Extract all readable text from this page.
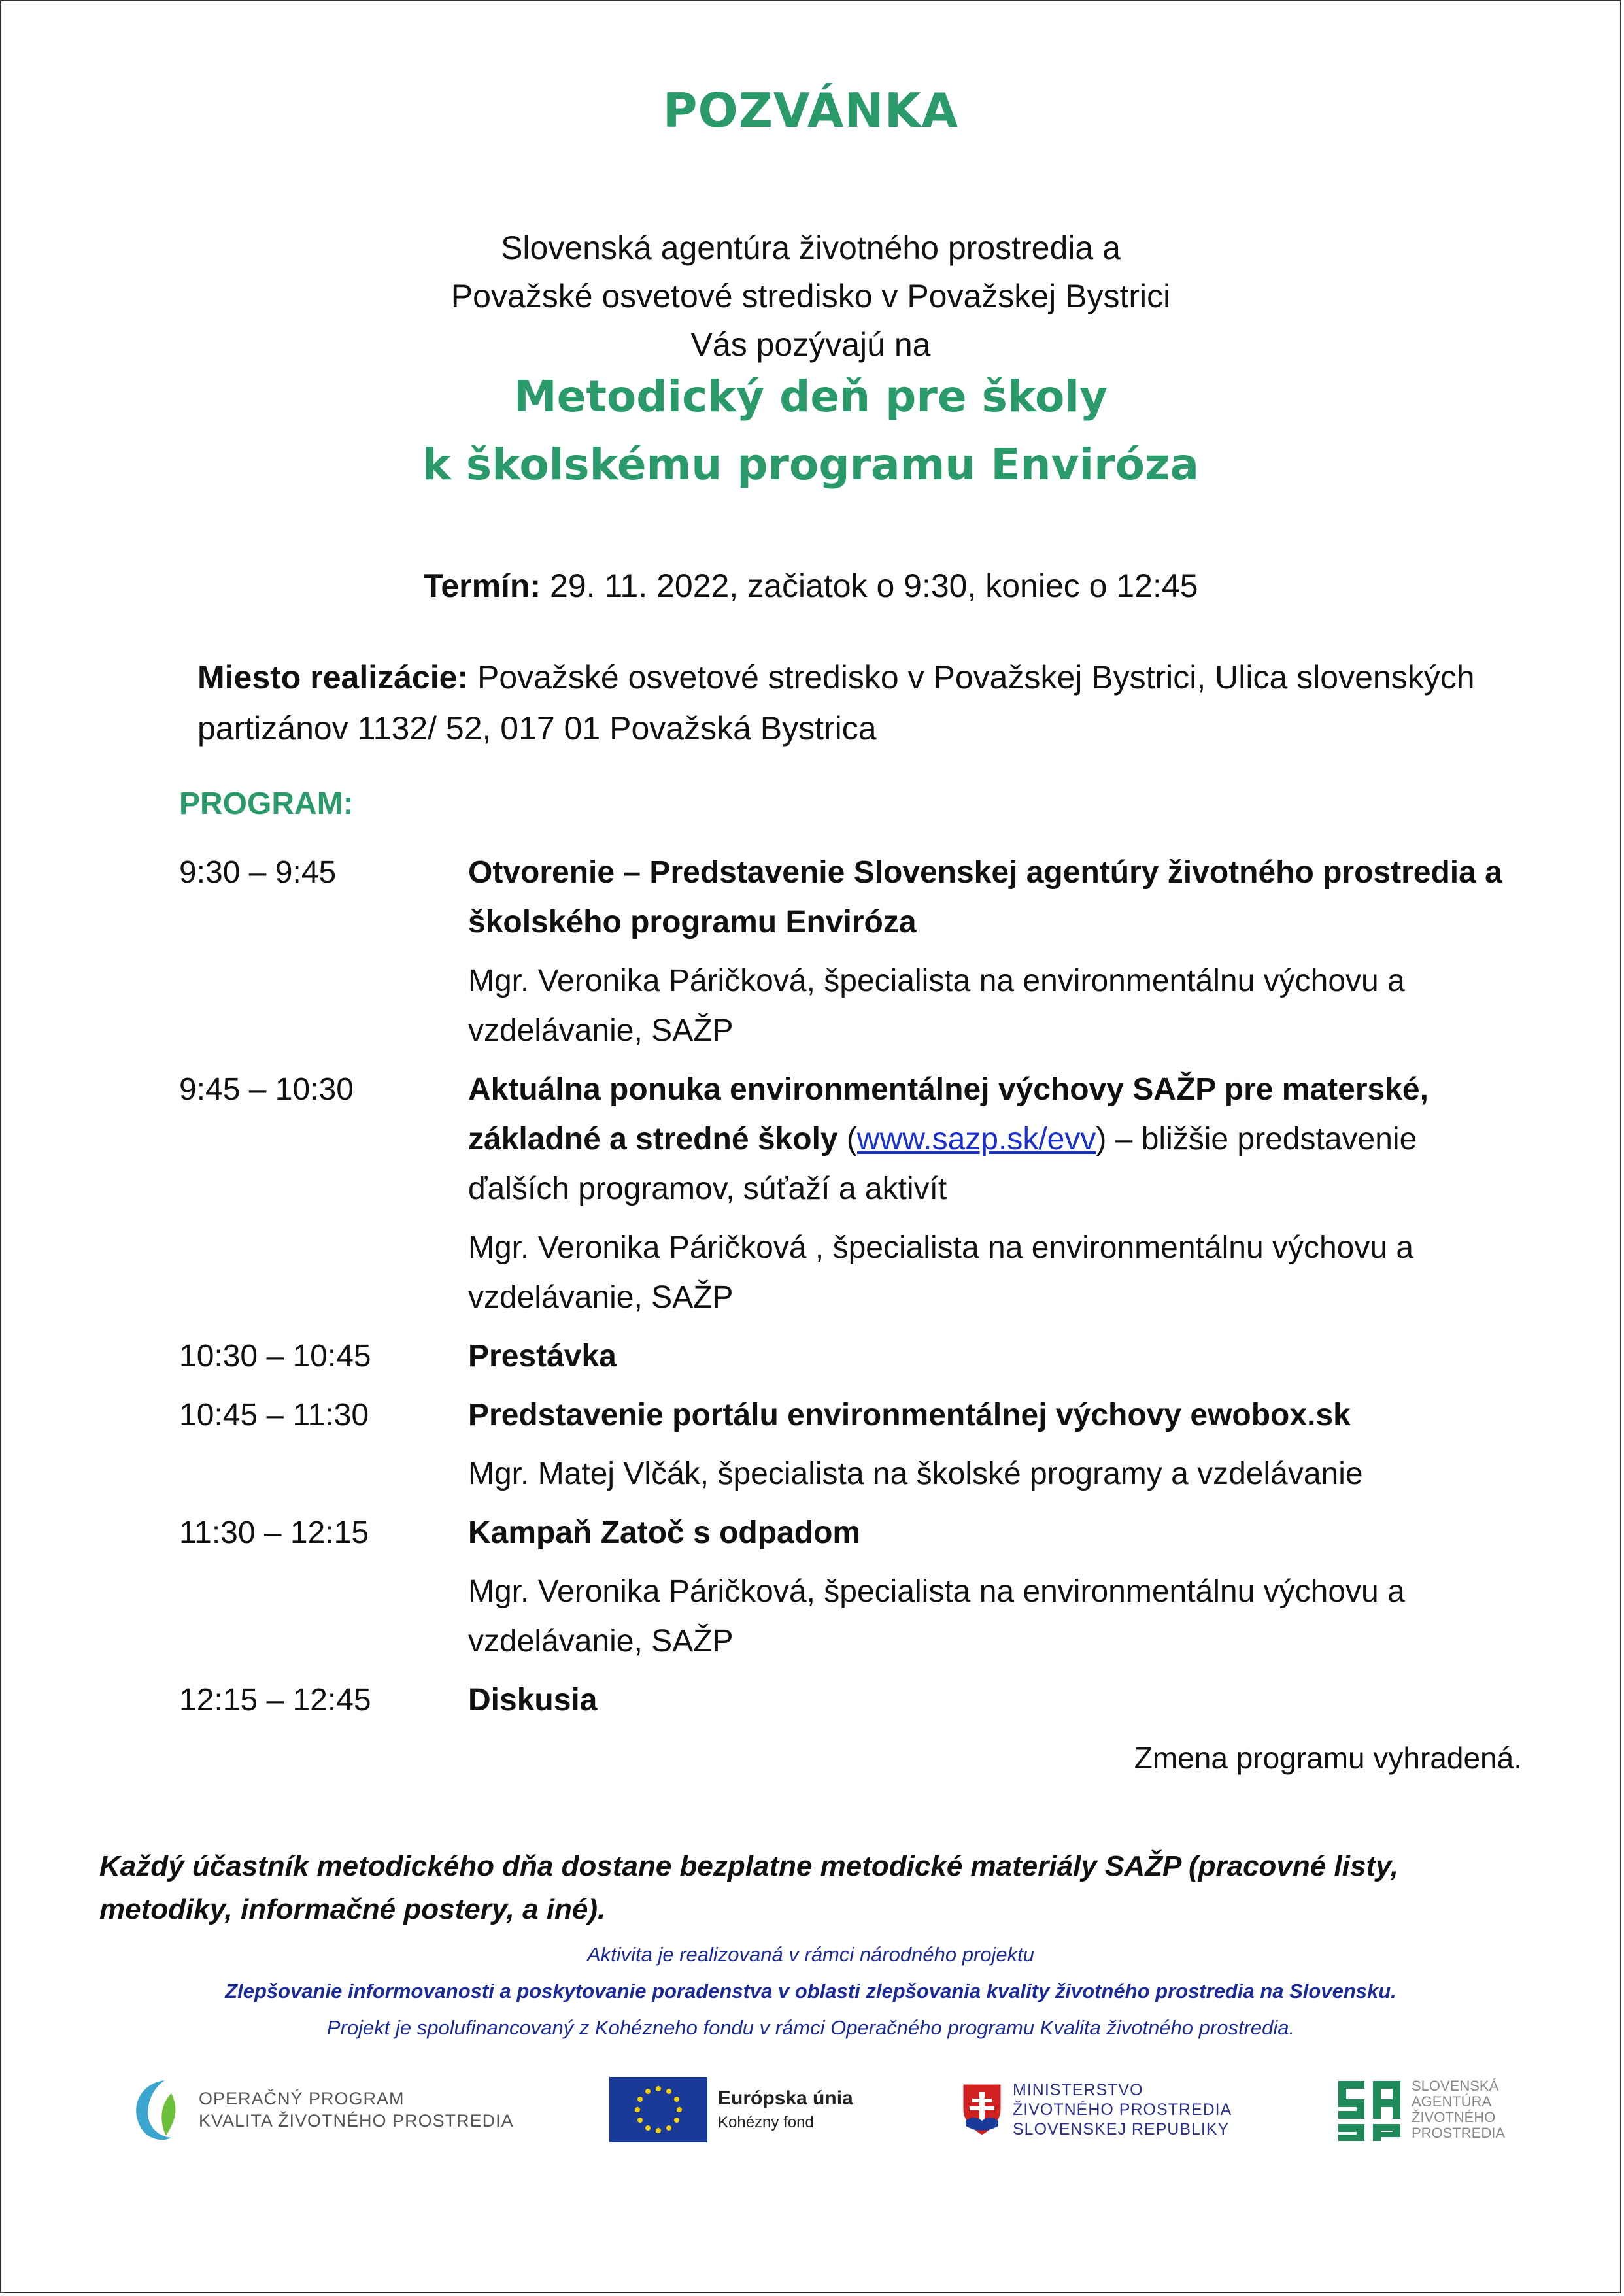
POZVÁNKA
Slovenská agentúra životného prostredia a
Považské osvetové stredisko v Považskej Bystrici
Vás pozývajú na
Metodický deň pre školy
k školskému programu Enviróza
Termín: 29. 11. 2022, začiatok o 9:30, koniec o 12:45
Miesto realizácie: Považské osvetové stredisko v Považskej Bystrici, Ulica slovenských partizánov 1132/ 52, 017 01 Považská Bystrica
PROGRAM:
9:30 – 9:45	Otvorenie – Predstavenie Slovenskej agentúry životného prostredia a školského programu Enviróza
Mgr. Veronika Páričková, špecialista na environmentálnu výchovu a vzdelávanie, SAŽP
9:45 – 10:30	Aktuálna ponuka environmentálnej výchovy SAŽP pre materské, základné a stredné školy (www.sazp.sk/evv) – bližšie predstavenie ďalších programov, súťaží a aktivít
Mgr. Veronika Páričková , špecialista na environmentálnu výchovu a vzdelávanie, SAŽP
10:30 – 10:45	Prestávka
10:45 – 11:30	Predstavenie portálu environmentálnej výchovy ewobox.sk
Mgr. Matej Vlčák, špecialista na školské programy a vzdelávanie
11:30 – 12:15	Kampaň Zatoč s odpadom
Mgr. Veronika Páričková, špecialista na environmentálnu výchovu a vzdelávanie, SAŽP
12:15 – 12:45	Diskusia
Zmena programu vyhradená.
Každý účastník metodického dňa dostane bezplatne metodické materiály SAŽP (pracovné listy, metodiky, informačné postery, a iné).
Aktivita je realizovaná v rámci národného projektu
Zlepšovanie informovanosti a poskytovanie poradenstva v oblasti zlepšovania kvality životného prostredia na Slovensku.
Projekt je spolufinancovaný z Kohézneho fondu v rámci Operačného programu Kvalita životného prostredia.
OPERAČNÝ PROGRAM
KVALITA ŽIVOTNÉHO PROSTREDIA
Európska únia
Kohézny fond
MINISTERSTVO
ŽIVOTNÉHO PROSTREDIA
SLOVENSKEJ REPUBLIKY
SLOVENSKÁ
AGENTÚRA
ŽIVOTNÉHO
PROSTREDIA
